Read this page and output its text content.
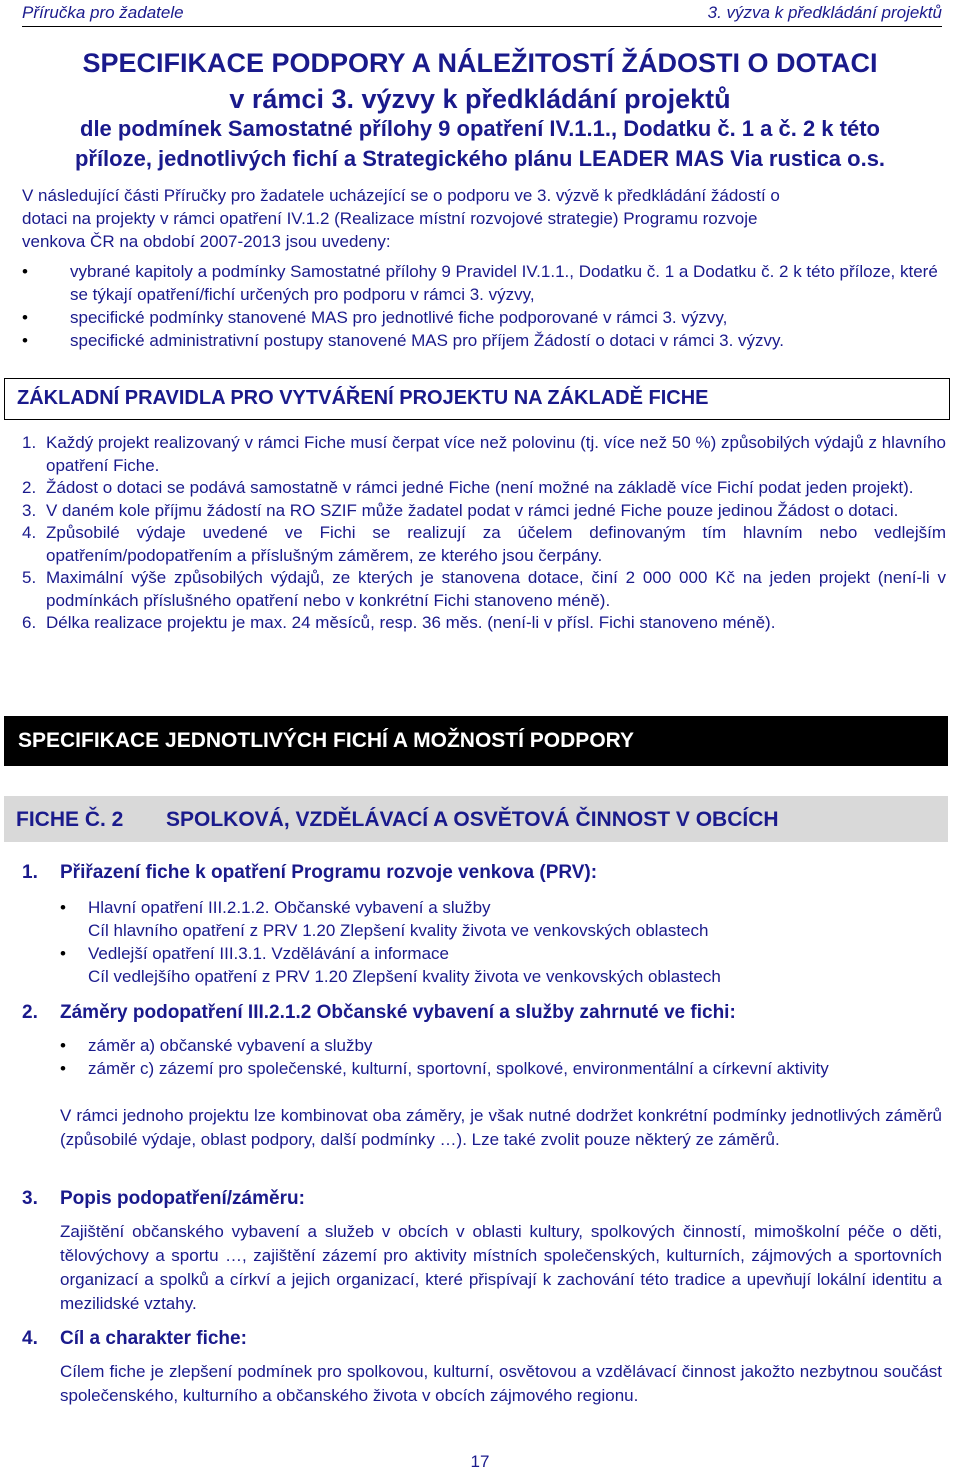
Příručka pro žadatele	3. výzva k předkládání projektů
SPECIFIKACE PODPORY A NÁLEŽITOSTÍ ŽÁDOSTI O DOTACI
v rámci 3. výzvy k předkládání projektů
dle podmínek Samostatné přílohy 9 opatření IV.1.1., Dodatku č. 1 a č. 2 k této
příloze, jednotlivých fichí a Strategického plánu LEADER MAS Via rustica o.s.
V následující části Příručky pro žadatele ucházející se o podporu ve 3. výzvě k předkládání žádostí o
dotaci na projekty v rámci opatření IV.1.2 (Realizace místní rozvojové strategie) Programu rozvoje
venkova ČR na období 2007-2013 jsou uvedeny:
• vybrané kapitoly a podmínky Samostatné přílohy 9 Pravidel IV.1.1., Dodatku č. 1 a Dodatku č. 2 k této příloze, které se týkají opatření/fichí určených pro podporu v rámci 3. výzvy,
• specifické podmínky stanovené MAS pro jednotlivé fiche podporované v rámci 3. výzvy,
• specifické administrativní postupy stanovené MAS pro příjem Žádostí o dotaci v rámci 3. výzvy.
ZÁKLADNÍ PRAVIDLA PRO VYTVÁŘENÍ PROJEKTU NA ZÁKLADĚ FICHE
1. Každý projekt realizovaný v rámci Fiche musí čerpat více než polovinu (tj. více než 50 %) způsobilých výdajů z hlavního opatření Fiche.
2. Žádost o dotaci se podává samostatně v rámci jedné Fiche (není možné na základě více Fichí podat jeden projekt).
3. V daném kole příjmu žádostí na RO SZIF může žadatel podat v rámci jedné Fiche pouze jedinou Žádost o dotaci.
4. Způsobilé výdaje uvedené ve Fichi se realizují za účelem definovaným tím hlavním nebo vedlejším opatřením/podopatřením a příslušným záměrem, ze kterého jsou čerpány.
5. Maximální výše způsobilých výdajů, ze kterých je stanovena dotace, činí 2 000 000 Kč na jeden projekt (není-li v podmínkách příslušného opatření nebo v konkrétní Fichi stanoveno méně).
6. Délka realizace projektu je max. 24 měsíců, resp. 36 měs. (není-li v přísl. Fichi stanoveno méně).
SPECIFIKACE JEDNOTLIVÝCH FICHÍ A MOŽNOSTÍ PODPORY
FICHE Č. 2 SPOLKOVÁ, VZDĚLÁVACÍ A OSVĚTOVÁ ČINNOST V OBCÍCH
1. Přiřazení fiche k opatření Programu rozvoje venkova (PRV):
• Hlavní opatření III.2.1.2. Občanské vybavení a služby
Cíl hlavního opatření z PRV 1.20 Zlepšení kvality života ve venkovských oblastech
• Vedlejší opatření III.3.1. Vzdělávání a informace
Cíl vedlejšího opatření z PRV 1.20 Zlepšení kvality života ve venkovských oblastech
2. Záměry podopatření III.2.1.2 Občanské vybavení a služby zahrnuté ve fichi:
• záměr a) občanské vybavení a služby
• záměr c) zázemí pro společenské, kulturní, sportovní, spolkové, environmentální a církevní aktivity
V rámci jednoho projektu lze kombinovat oba záměry, je však nutné dodržet konkrétní podmínky jednotlivých záměrů (způsobilé výdaje, oblast podpory, další podmínky …). Lze také zvolit pouze některý ze záměrů.
3. Popis podopatření/záměru:
Zajištění občanského vybavení a služeb v obcích v oblasti kultury, spolkových činností, mimoškolní péče o děti, tělovýchovy a sportu …, zajištění zázemí pro aktivity místních společenských, kulturních, zájmových a sportovních organizací a spolků a církví a jejich organizací, které přispívají k zachování této tradice a upevňují lokální identitu a mezilidské vztahy.
4. Cíl a charakter fiche:
Cílem fiche je zlepšení podmínek pro spolkovou, kulturní, osvětovou a vzdělávací činnost jakožto nezbytnou součást společenského, kulturního a občanského života v obcích zájmového regionu.
17
